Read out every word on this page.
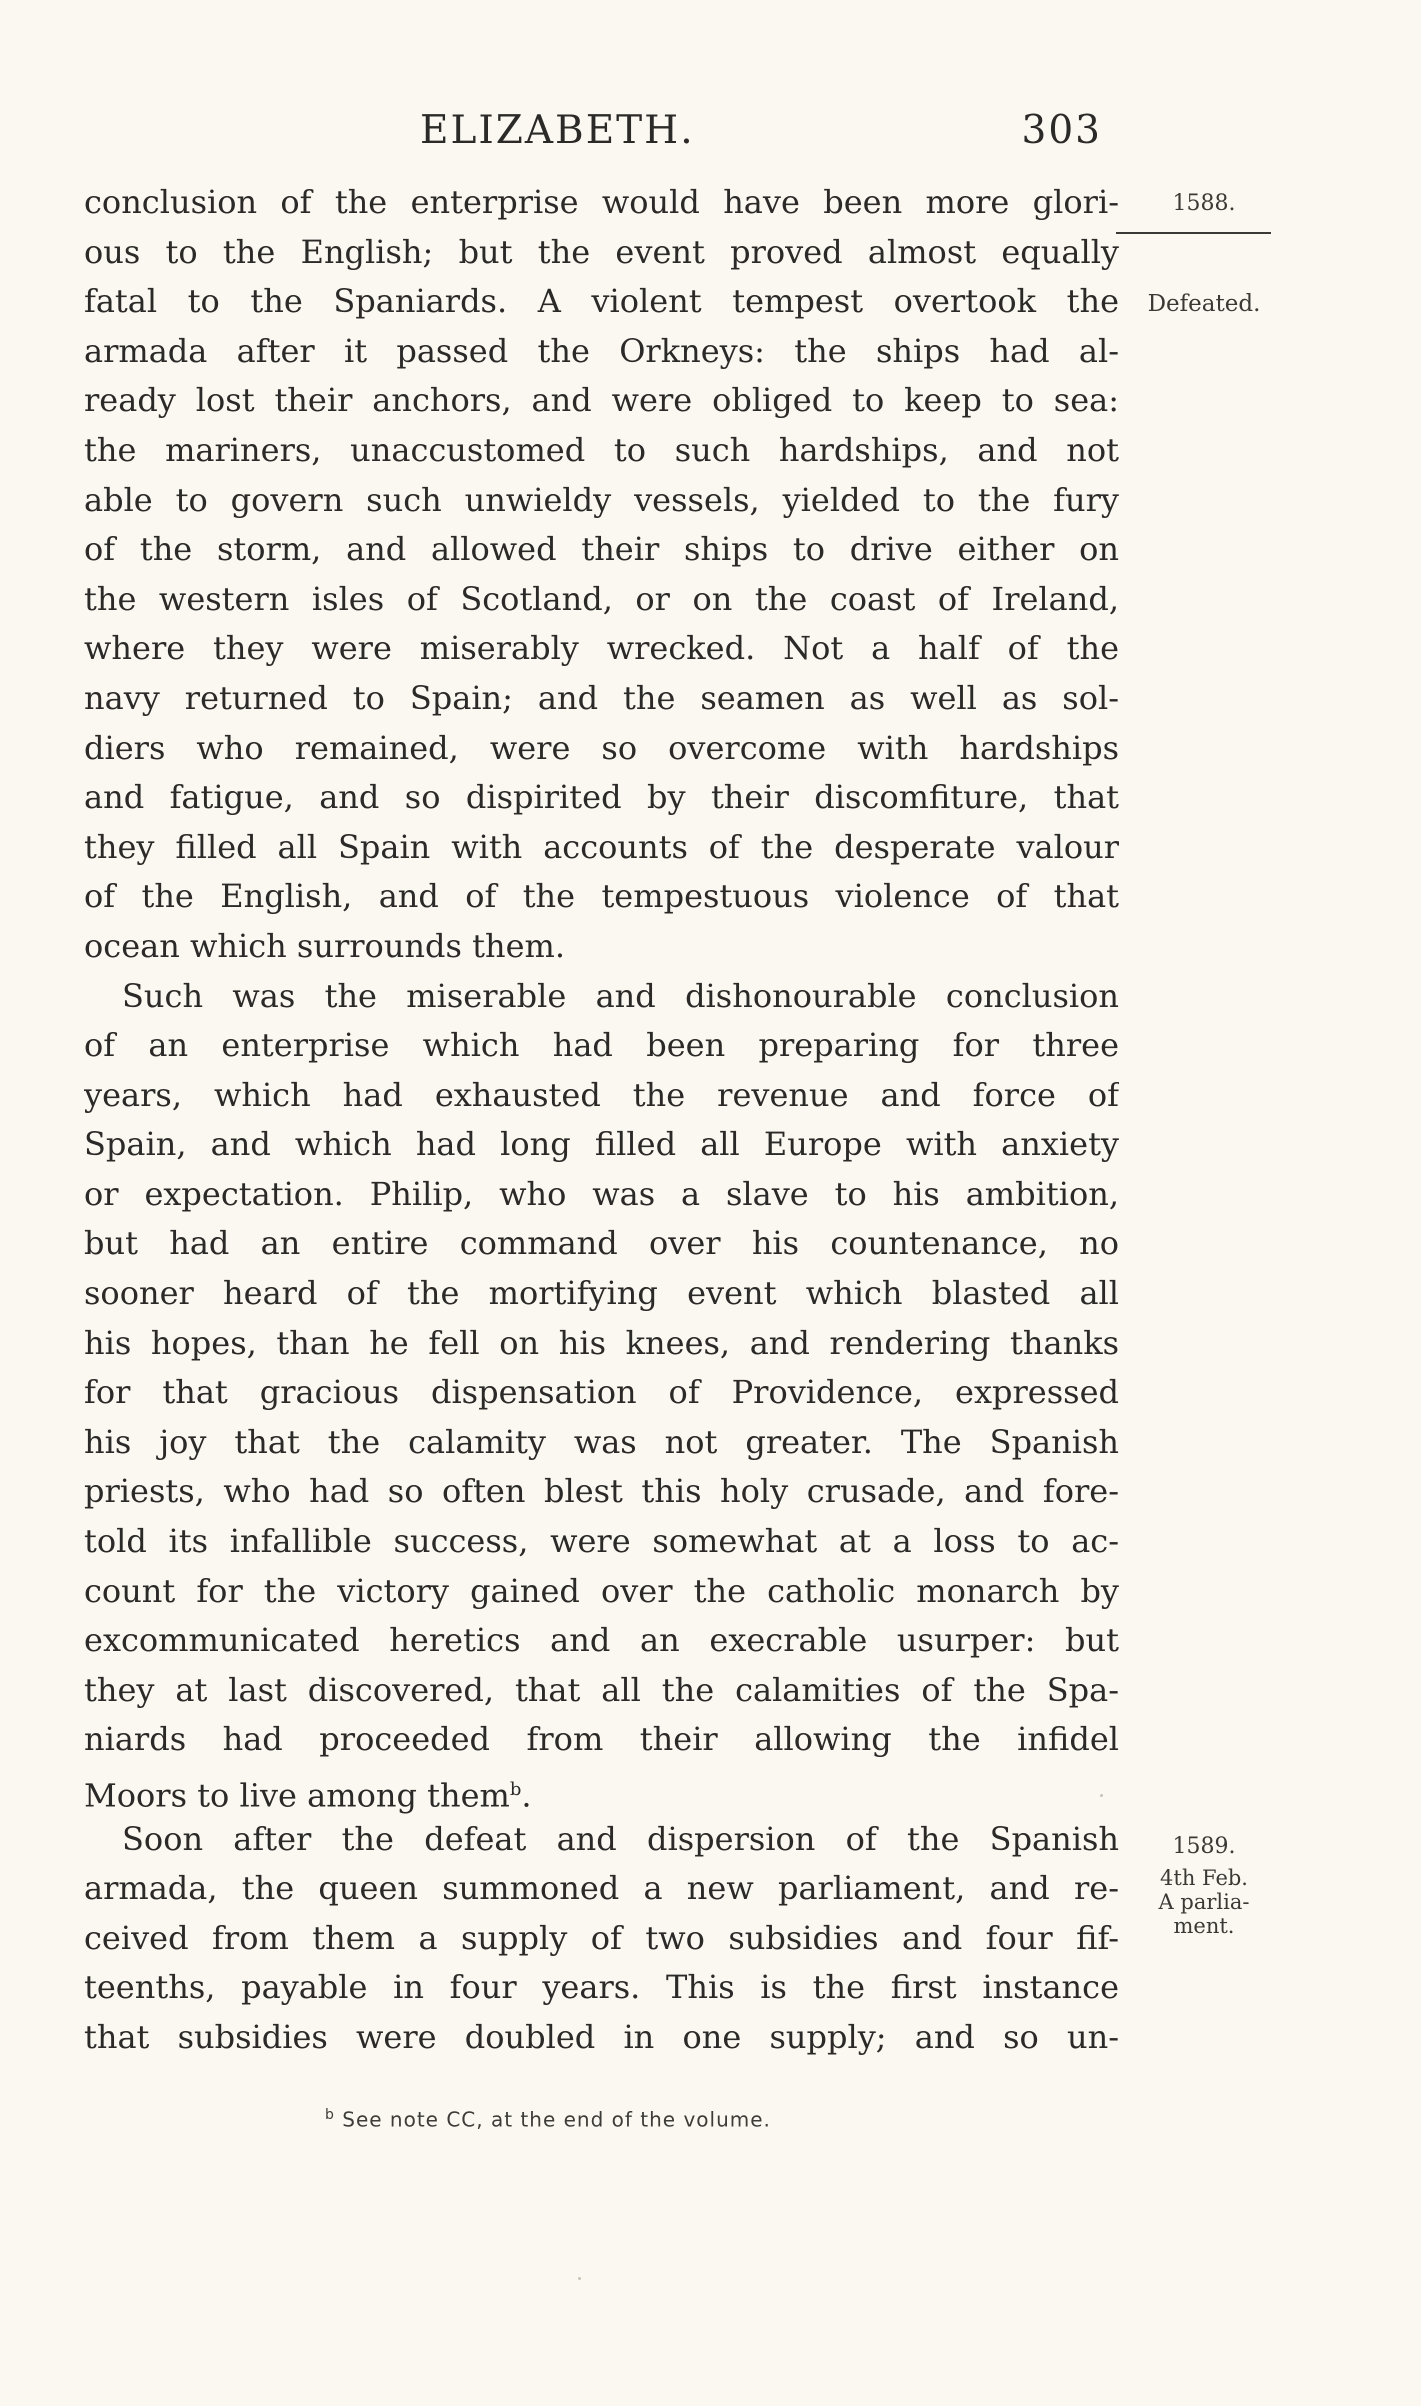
ELIZABETH.	303
conclusion of the enterprise would have been more glori-
ous to the English; but the event proved almost equally
fatal to the Spaniards. A violent tempest overtook the
armada after it passed the Orkneys: the ships had al-
ready lost their anchors, and were obliged to keep to sea:
the mariners, unaccustomed to such hardships, and not
able to govern such unwieldy vessels, yielded to the fury
of the storm, and allowed their ships to drive either on
the western isles of Scotland, or on the coast of Ireland,
where they were miserably wrecked. Not a half of the
navy returned to Spain; and the seamen as well as sol-
diers who remained, were so overcome with hardships
and fatigue, and so dispirited by their discomfiture, that
they filled all Spain with accounts of the desperate valour
of the English, and of the tempestuous violence of that
ocean which surrounds them.
Such was the miserable and dishonourable conclusion
of an enterprise which had been preparing for three
years, which had exhausted the revenue and force of
Spain, and which had long filled all Europe with anxiety
or expectation. Philip, who was a slave to his ambition,
but had an entire command over his countenance, no
sooner heard of the mortifying event which blasted all
his hopes, than he fell on his knees, and rendering thanks
for that gracious dispensation of Providence, expressed
his joy that the calamity was not greater. The Spanish
priests, who had so often blest this holy crusade, and fore-
told its infallible success, were somewhat at a loss to ac-
count for the victory gained over the catholic monarch by
excommunicated heretics and an execrable usurper: but
they at last discovered, that all the calamities of the Spa-
niards had proceeded from their allowing the infidel
Moors to live among them$^b$.
Soon after the defeat and dispersion of the Spanish
armada, the queen summoned a new parliament, and re-
ceived from them a supply of two subsidies and four fif-
teenths, payable in four years. This is the first instance
that subsidies were doubled in one supply; and so un-
1588.
Defeated.
1589.
4th Feb.
A parlia-
ment.
$^b$ See note CC, at the end of the volume.
